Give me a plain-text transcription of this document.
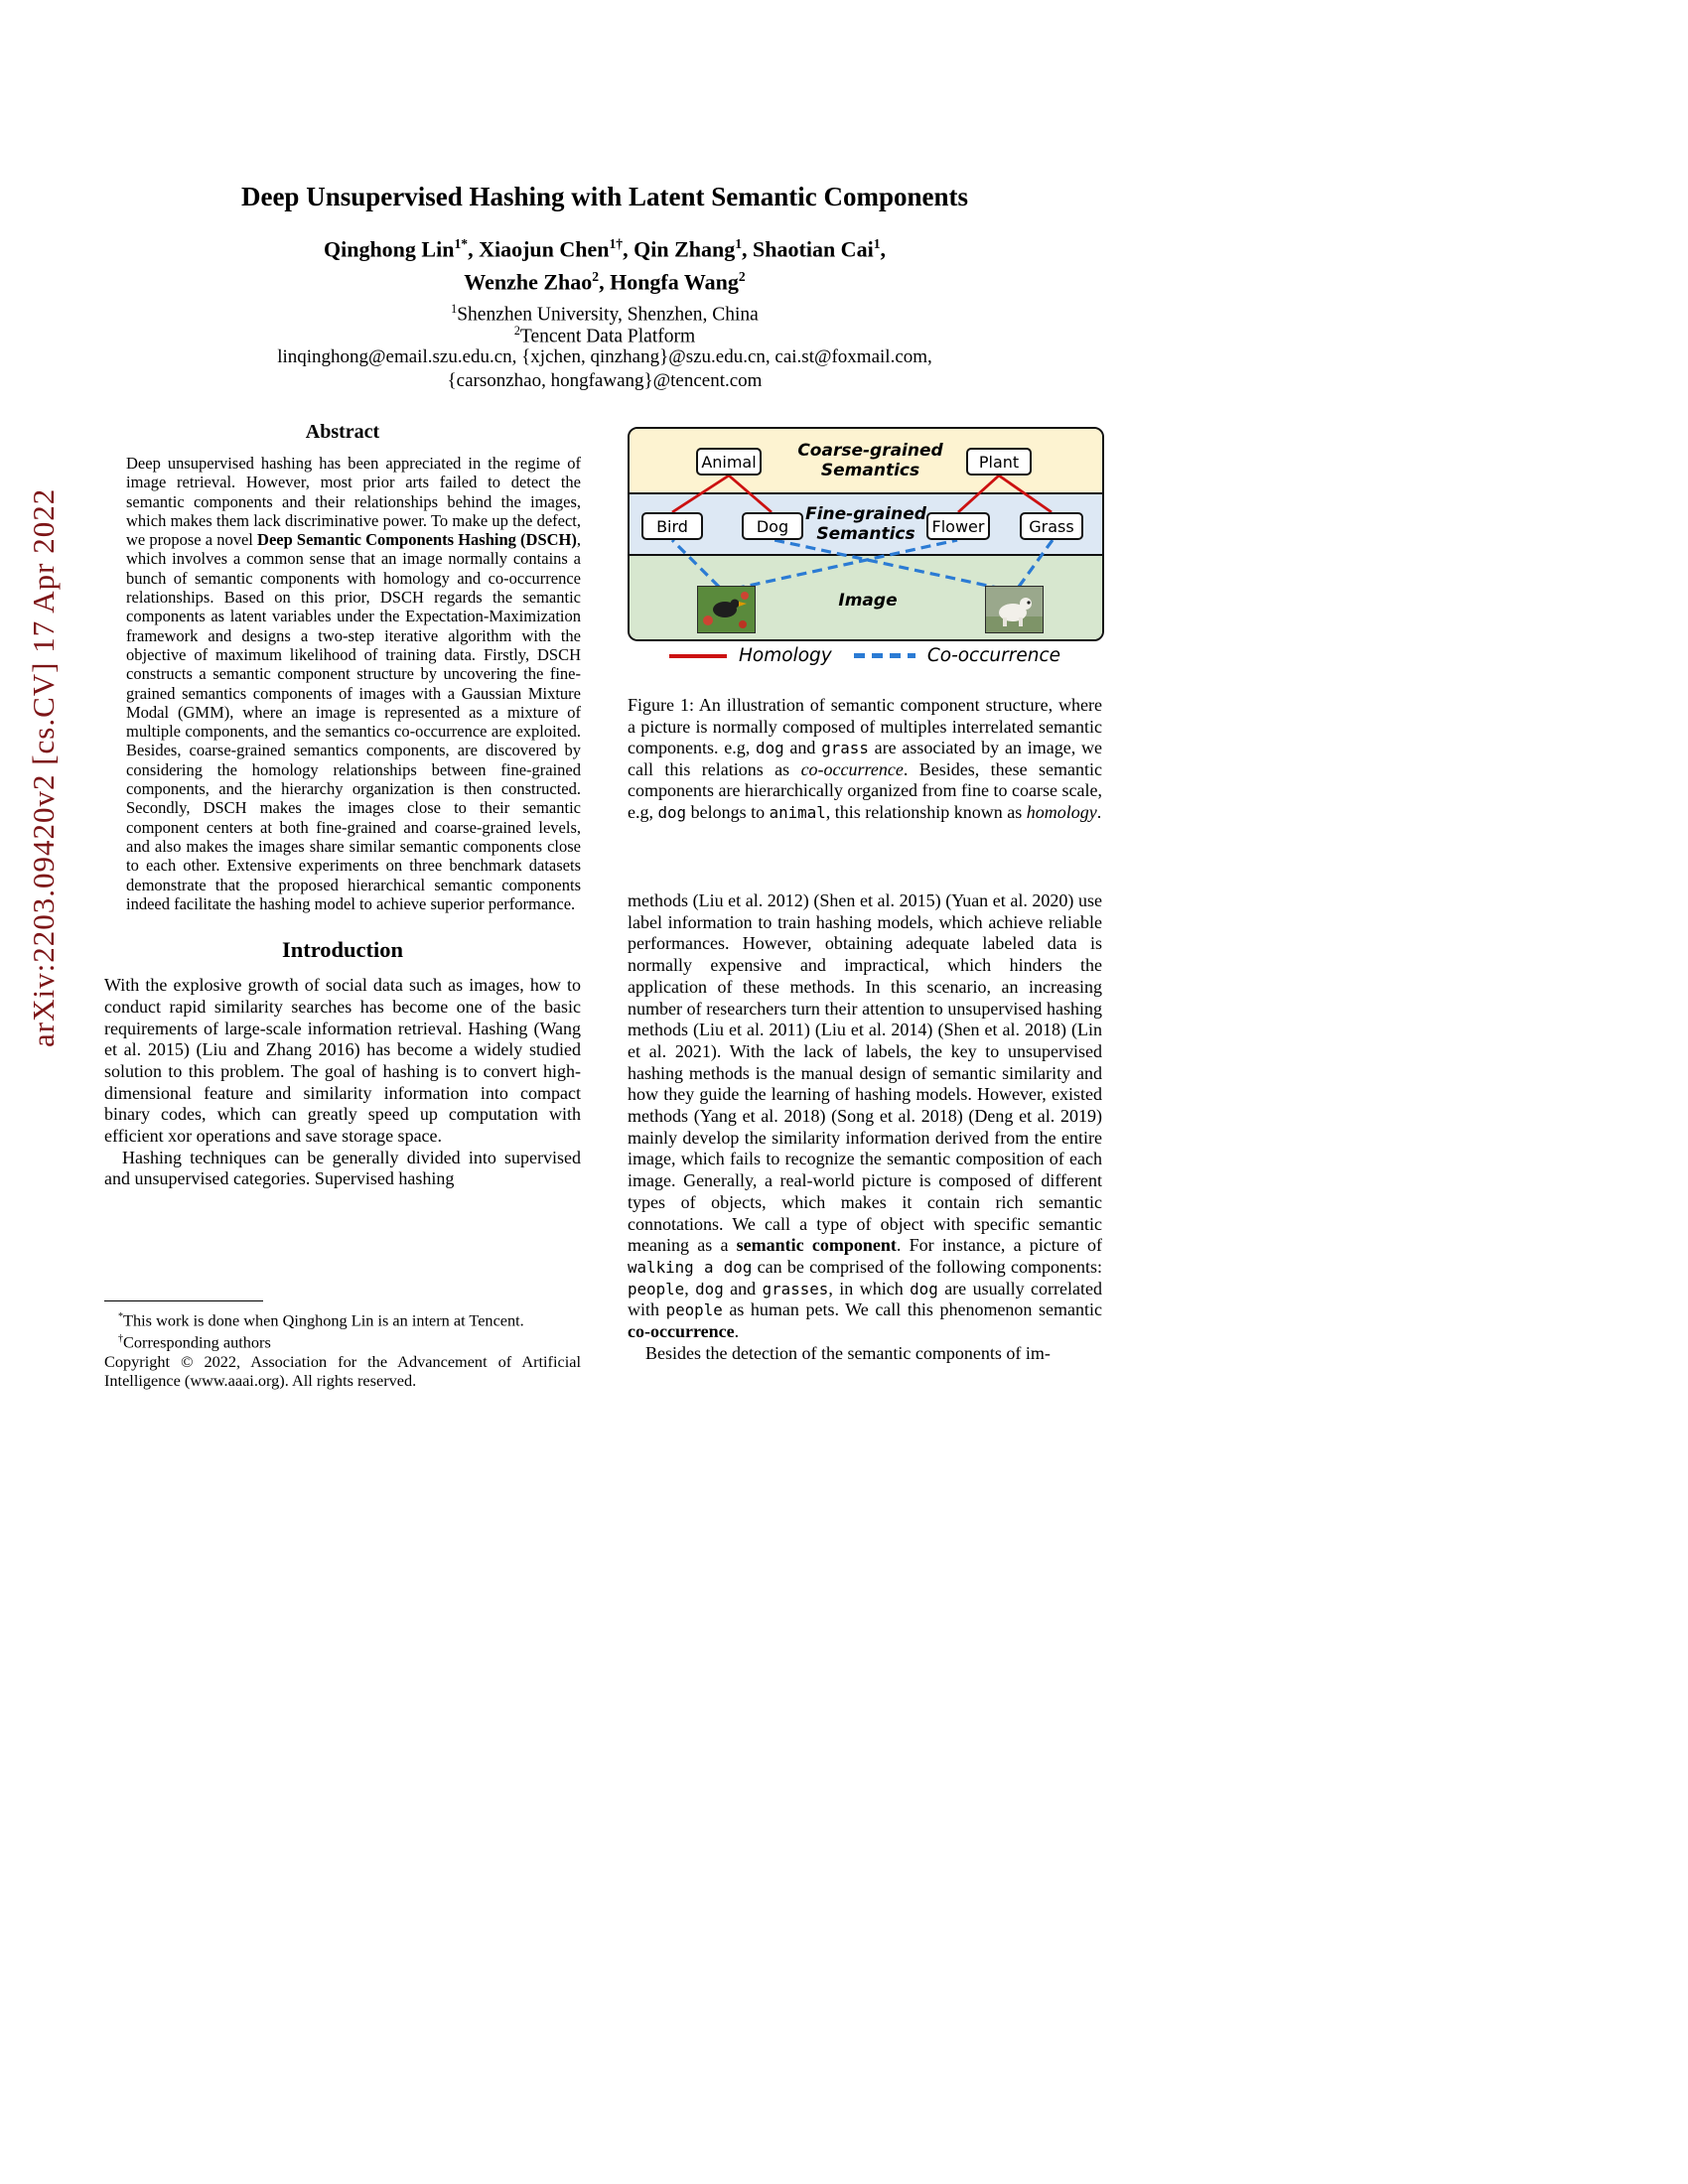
arXiv:2203.09420v2 [cs.CV] 17 Apr 2022
Deep Unsupervised Hashing with Latent Semantic Components
Qinghong Lin$^{1*}$, Xiaojun Chen$^{1\dagger}$, Qin Zhang$^1$, Shaotian Cai$^1$,
Wenzhe Zhao$^2$, Hongfa Wang$^2$
$^1$Shenzhen University, Shenzhen, China
$^2$Tencent Data Platform
linqinghong@email.szu.edu.cn, {xjchen, qinzhang}@szu.edu.cn, cai.st@foxmail.com,
{carsonzhao, hongfawang}@tencent.com
Abstract

Deep unsupervised hashing has been appreciated in the regime of image retrieval. However, most prior arts failed to detect the semantic components and their relationships behind the images, which makes them lack discriminative power. To make up the defect, we propose a novel Deep Semantic Components Hashing (DSCH), which involves a common sense that an image normally contains a bunch of semantic components with homology and co-occurrence relationships. Based on this prior, DSCH regards the semantic components as latent variables under the Expectation-Maximization framework and designs a two-step iterative algorithm with the objective of maximum likelihood of training data. Firstly, DSCH constructs a semantic component structure by uncovering the fine-grained semantics components of images with a Gaussian Mixture Modal (GMM), where an image is represented as a mixture of multiple components, and the semantics co-occurrence are exploited. Besides, coarse-grained semantics components, are discovered by considering the homology relationships between fine-grained components, and the hierarchy organization is then constructed. Secondly, DSCH makes the images close to their semantic component centers at both fine-grained and coarse-grained levels, and also makes the images share similar semantic components close to each other. Extensive experiments on three benchmark datasets demonstrate that the proposed hierarchical semantic components indeed facilitate the hashing model to achieve superior performance.

Introduction

With the explosive growth of social data such as images, how to conduct rapid similarity searches has become one of the basic requirements of large-scale information retrieval. Hashing (Wang et al. 2015) (Liu and Zhang 2016) has become a widely studied solution to this problem. The goal of hashing is to convert high-dimensional feature and similarity information into compact binary codes, which can greatly speed up computation with efficient xor operations and save storage space.

Hashing techniques can be generally divided into supervised and unsupervised categories. Supervised hashing

*This work is done when Qinghong Lin is an intern at Tencent.

†Corresponding authors

Copyright © 2022, Association for the Advancement of Artificial Intelligence (www.aaai.org). All rights reserved.

Coarse-grained Semantics
Fine-grained Semantics
Image
Animal	Plant
Bird	Dog	Flower	Grass
Homology	Co-occurrence
Figure 1: An illustration of semantic component structure, where a picture is normally composed of multiples interrelated semantic components. e.g, dog and grass are associated by an image, we call this relations as co-occurrence. Besides, these semantic components are hierarchically organized from fine to coarse scale, e.g, dog belongs to animal, this relationship known as homology.

methods (Liu et al. 2012) (Shen et al. 2015) (Yuan et al. 2020) use label information to train hashing models, which achieve reliable performances. However, obtaining adequate labeled data is normally expensive and impractical, which hinders the application of these methods. In this scenario, an increasing number of researchers turn their attention to unsupervised hashing methods (Liu et al. 2011) (Liu et al. 2014) (Shen et al. 2018) (Lin et al. 2021). With the lack of labels, the key to unsupervised hashing methods is the manual design of semantic similarity and how they guide the learning of hashing models. However, existed methods (Yang et al. 2018) (Song et al. 2018) (Deng et al. 2019) mainly develop the similarity information derived from the entire image, which fails to recognize the semantic composition of each image. Generally, a real-world picture is composed of different types of objects, which makes it contain rich semantic connotations. We call a type of object with specific semantic meaning as a semantic component. For instance, a picture of walking a dog can be comprised of the following components: people, dog and grasses, in which dog are usually correlated with people as human pets. We call this phenomenon semantic co-occurrence.

Besides the detection of the semantic components of im-
